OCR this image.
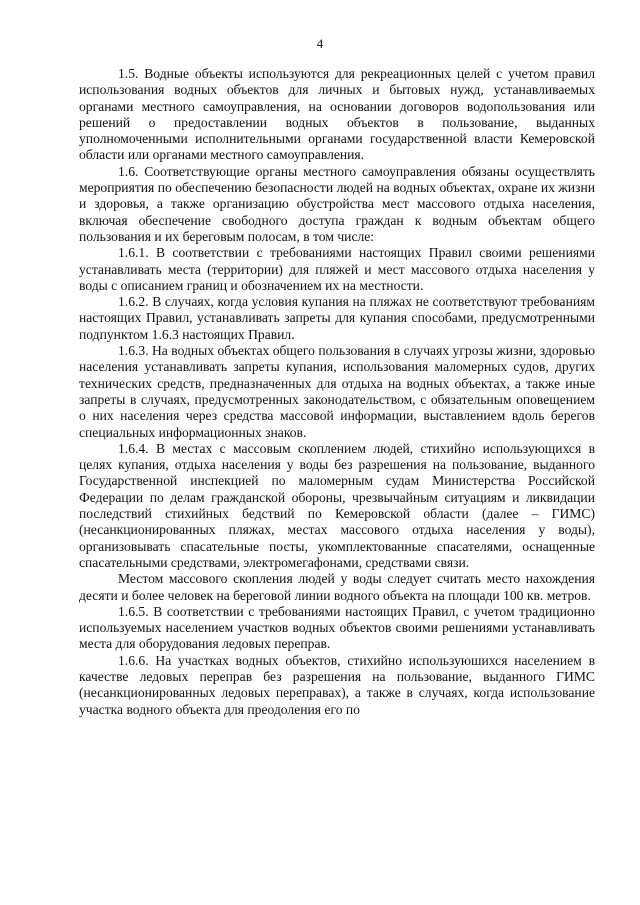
4

1.5. Водные объекты используются для рекреационных целей с учетом правил использования водных объектов для личных и бытовых нужд, устанавливаемых органами местного самоуправления, на основании договоров водопользования или решений о предоставлении водных объектов в пользование, выданных уполномоченными исполнительными органами государственной власти Кемеровской области или органами местного самоуправления.

1.6. Соответствующие органы местного самоуправления обязаны осуществлять мероприятия по обеспечению безопасности людей на водных объектах, охране их жизни и здоровья, а также организацию обустройства мест массового отдыха населения, включая обеспечение свободного доступа граждан к водным объектам общего пользования и их береговым полосам, в том числе:

1.6.1. В соответствии с требованиями настоящих Правил своими решениями устанавливать места (территории) для пляжей и мест массового отдыха населения у воды с описанием границ и обозначением их на местности.

1.6.2. В случаях, когда условия купания на пляжах не соответствуют требованиям настоящих Правил, устанавливать запреты для купания способами, предусмотренными подпунктом 1.6.3 настоящих Правил.

1.6.3. На водных объектах общего пользования в случаях угрозы жизни, здоровью населения устанавливать запреты купания, использования маломерных судов, других технических средств, предназначенных для отдыха на водных объектах, а также иные запреты в случаях, предусмотренных законодательством, с обязательным оповещением о них населения через средства массовой информации, выставлением вдоль берегов специальных информационных знаков.

1.6.4. В местах с массовым скоплением людей, стихийно использующихся в целях купания, отдыха населения у воды без разрешения на пользование, выданного Государственной инспекцией по маломерным судам Министерства Российской Федерации по делам гражданской обороны, чрезвычайным ситуациям и ликвидации последствий стихийных бедствий по Кемеровской области (далее – ГИМС) (несанкционированных пляжах, местах массового отдыха населения у воды), организовывать спасательные посты, укомплектованные спасателями, оснащенные спасательными средствами, электромегафонами, средствами связи.

Местом массового скопления людей у воды следует считать место нахождения десяти и более человек на береговой линии водного объекта на площади 100 кв. метров.

1.6.5. В соответствии с требованиями настоящих Правил, с учетом традиционно используемых населением участков водных объектов своими решениями устанавливать места для оборудования ледовых переправ.

1.6.6. На участках водных объектов, стихийно используюшихся населением в качестве ледовых переправ без разрешения на пользование, выданного ГИМС (несанкционированных ледовых переправах), а также в случаях, когда использование участка водного объекта для преодоления его по
